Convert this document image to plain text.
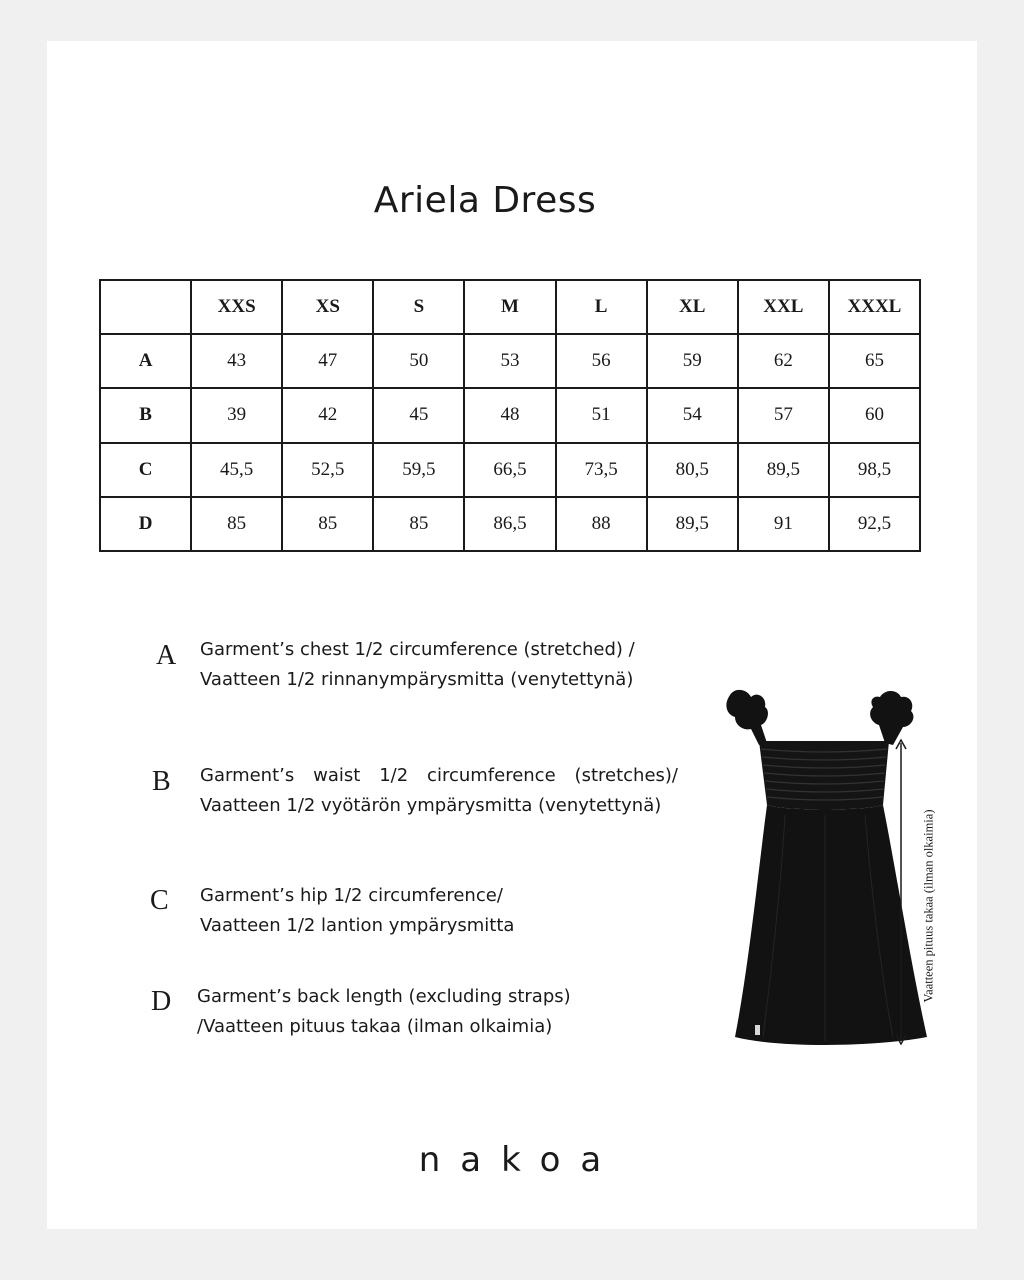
Ariela Dress
	XXS	XS	S	M	L	XL	XXL	XXXL
A	43	47	50	53	56	59	62	65
B	39	42	45	48	51	54	57	60
C	45,5	52,5	59,5	66,5	73,5	80,5	89,5	98,5
D	85	85	85	86,5	88	89,5	91	92,5
A Garment’s chest 1/2 circumference (stretched) /
Vaatteen 1/2 rinnanympärysmitta (venytettynä)
B Garment’s waist 1/2 circumference (stretches)/
Vaatteen 1/2 vyötärön ympärysmitta (venytettynä)
C Garment’s hip 1/2 circumference/
Vaatteen 1/2 lantion ympärysmitta
D Garment’s back length (excluding straps)
/Vaatteen pituus takaa (ilman olkaimia)
Vaatteen pituus takaa (ilman olkaimia)
nakoa
